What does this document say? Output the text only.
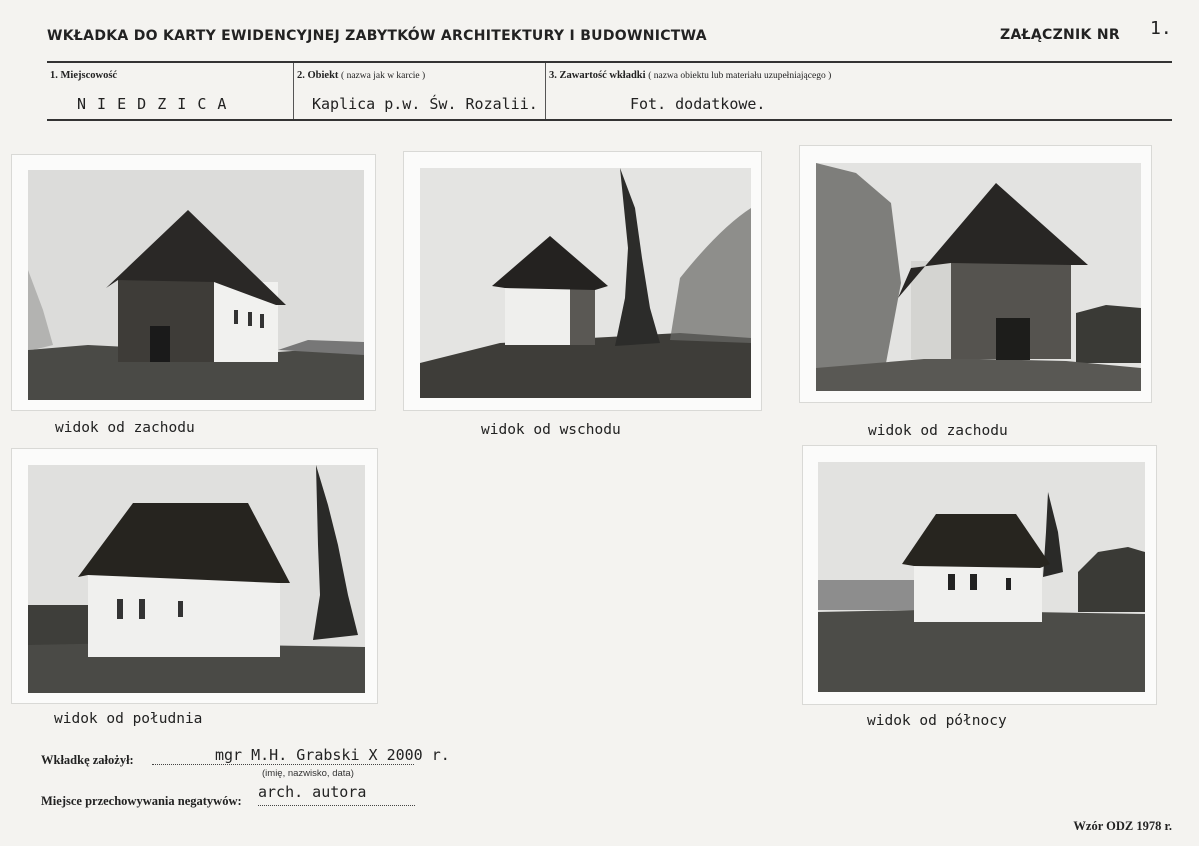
WKŁADKA DO KARTY EWIDENCYJNEJ ZABYTKÓW ARCHITEKTURY I BUDOWNICTWA	ZAŁĄCZNIK NR 1.
1. Miejscowość
N I E D Z I C A
2. Obiekt ( nazwa jak w karcie )
Kaplica p.w. Św. Rozalii.
3. Zawartość wkładki ( nazwa obiektu lub materiału uzupełniającego )
Fot. dodatkowe.
widok od zachodu	widok od wschodu	widok od zachodu
widok od południa	widok od północy
Wkładkę założył:	mgr M.H. Grabski X 2000 r.
(imię, nazwisko, data)
Miejsce przechowywania negatywów: arch. autora
Wzór ODZ 1978 r.
